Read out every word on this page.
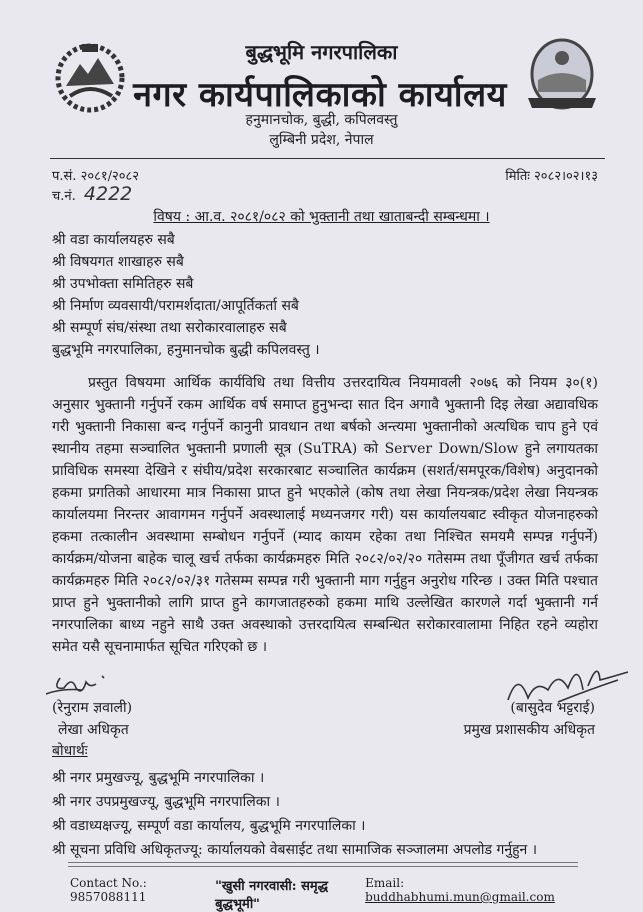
बुद्धभूमि नगरपालिका
नगर कार्यपालिकाको कार्यालय
हनुमानचोक, बुद्धी, कपिलवस्तु
लुम्बिनी प्रदेश, नेपाल
प.सं. २०८१/२०८२	मितिः २०८२।०२।१३
च.नं. 4222
विषय : आ.व. २०८१/०८२ को भुक्तानी तथा खाताबन्दी सम्बन्धमा ।
श्री वडा कार्यालयहरु सबै
श्री विषयगत शाखाहरु सबै
श्री उपभोक्ता समितिहरु सबै
श्री निर्माण व्यवसायी/परामर्शदाता/आपूर्तिकर्ता सबै
श्री सम्पूर्ण संघ/संस्था तथा सरोकारवालाहरु सबै
बुद्धभूमि नगरपालिका, हनुमानचोक बुद्धी कपिलवस्तु ।
प्रस्तुत विषयमा आर्थिक कार्यविधि तथा वित्तीय उत्तरदायित्व नियमावली २०७६ को नियम ३०(१) अनुसार भुक्तानी गर्नुपर्ने रकम आर्थिक वर्ष समाप्त हुनुभन्दा सात दिन अगावै भुक्तानी दिइ लेखा अद्यावधिक गरी भुक्तानी निकासा बन्द गर्नुपर्ने कानुनी प्रावधान तथा बर्षको अन्त्यमा भुक्तानीको अत्यधिक चाप हुने एवं स्थानीय तहमा सञ्चालित भुक्तानी प्रणाली सूत्र (SuTRA) को Server Down/Slow हुने लगायतका प्राविधिक समस्या देखिने र संघीय/प्रदेश सरकारबाट सञ्चालित कार्यक्रम (सशर्त/समपूरक/विशेष) अनुदानको हकमा प्रगतिको आधारमा मात्र निकासा प्राप्त हुने भएकोले (कोष तथा लेखा नियन्त्रक/प्रदेश लेखा नियन्त्रक कार्यालयमा निरन्तर आवागमन गर्नुपर्ने अवस्थालाई मध्यनजगर गरी) यस कार्यालयबाट स्वीकृत योजनाहरुको हकमा तत्कालीन अवस्थामा सम्बोधन गर्नुपर्ने (म्याद कायम रहेका तथा निश्चित समयमै सम्पन्न गर्नुपर्ने) कार्यक्रम/योजना बाहेक चालू खर्च तर्फका कार्यक्रमहरु मिति २०८२/०२/२० गतेसम्म तथा पूँजीगत खर्च तर्फका कार्यक्रमहरु मिति २०८२/०२/३१ गतेसम्म सम्पन्न गरी भुक्तानी माग गर्नुहुन अनुरोध गरिन्छ । उक्त मिति पश्चात प्राप्त हुने भुक्तानीको लागि प्राप्त हुने कागजातहरुको हकमा माथि उल्लेखित कारणले गर्दा भुक्तानी गर्न नगरपालिका बाध्य नहुने साथै उक्त अवस्थाको उत्तरदायित्व सम्बन्धित सरोकारवालामा निहित रहने व्यहोरा समेत यसै सूचनामार्फत सूचित गरिएको छ ।
(रेनुराम ज्ञवाली)
लेखा अधिकृत
(बासुदेव भट्टराई)
प्रमुख प्रशासकीय अधिकृत
बोधार्थः
श्री नगर प्रमुखज्यू, बुद्धभूमि नगरपालिका ।
श्री नगर उपप्रमुखज्यू, बुद्धभूमि नगरपालिका ।
श्री वडाध्यक्षज्यू, सम्पूर्ण वडा कार्यालय, बुद्धभूमि नगरपालिका ।
श्री सूचना प्रविधि अधिकृतज्यू: कार्यालयको वेबसाईट तथा सामाजिक सञ्जालमा अपलोड गर्नुहुन ।
Contact No.: 9857088111
"खुसी नगरवासी: समृद्ध बुद्धभूमी"
Email: buddhabhumi.mun@gmail.com
